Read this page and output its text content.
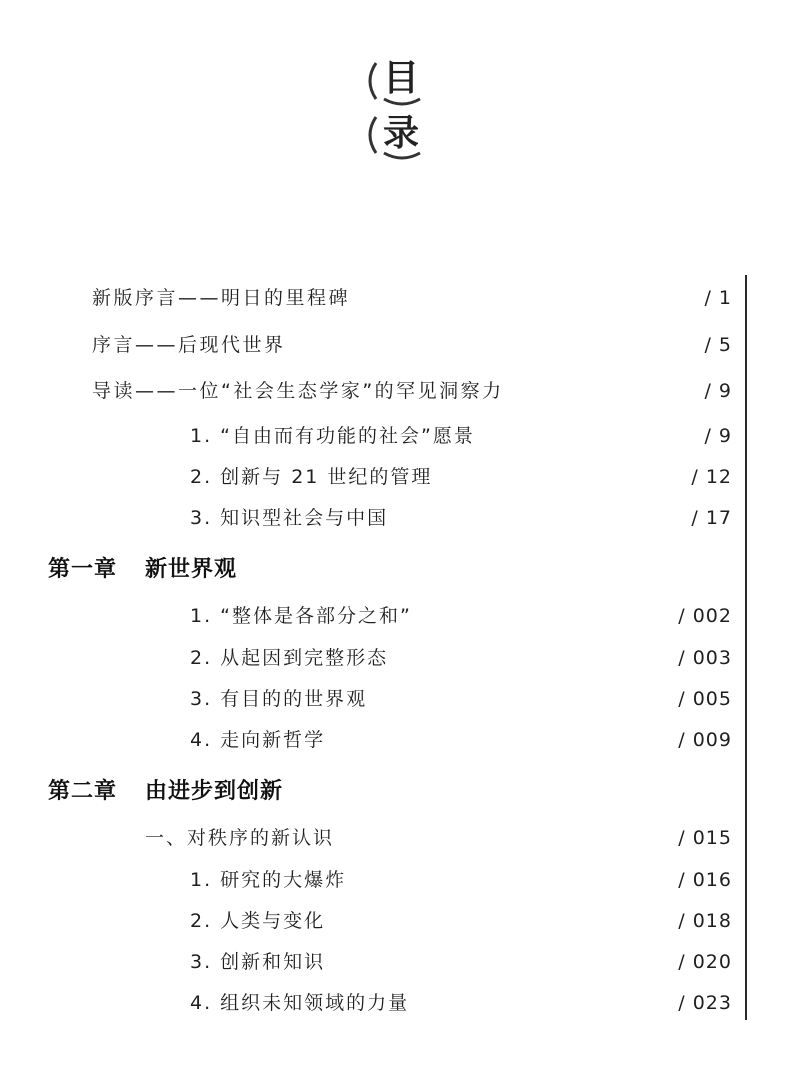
目
录
新版序言——明日的里程碑	/ 1
序言——后现代世界	/ 5
导读——一位“社会生态学家”的罕见洞察力	/ 9
1. “自由而有功能的社会”愿景	/ 9
2. 创新与 21 世纪的管理	/ 12
3. 知识型社会与中国	/ 17
第一章 新世界观
1. “整体是各部分之和”	/ 002
2. 从起因到完整形态	/ 003
3. 有目的的世界观	/ 005
4. 走向新哲学	/ 009
第二章 由进步到创新
一、对秩序的新认识	/ 015
1. 研究的大爆炸	/ 016
2. 人类与变化	/ 018
3. 创新和知识	/ 020
4. 组织未知领域的力量	/ 023
